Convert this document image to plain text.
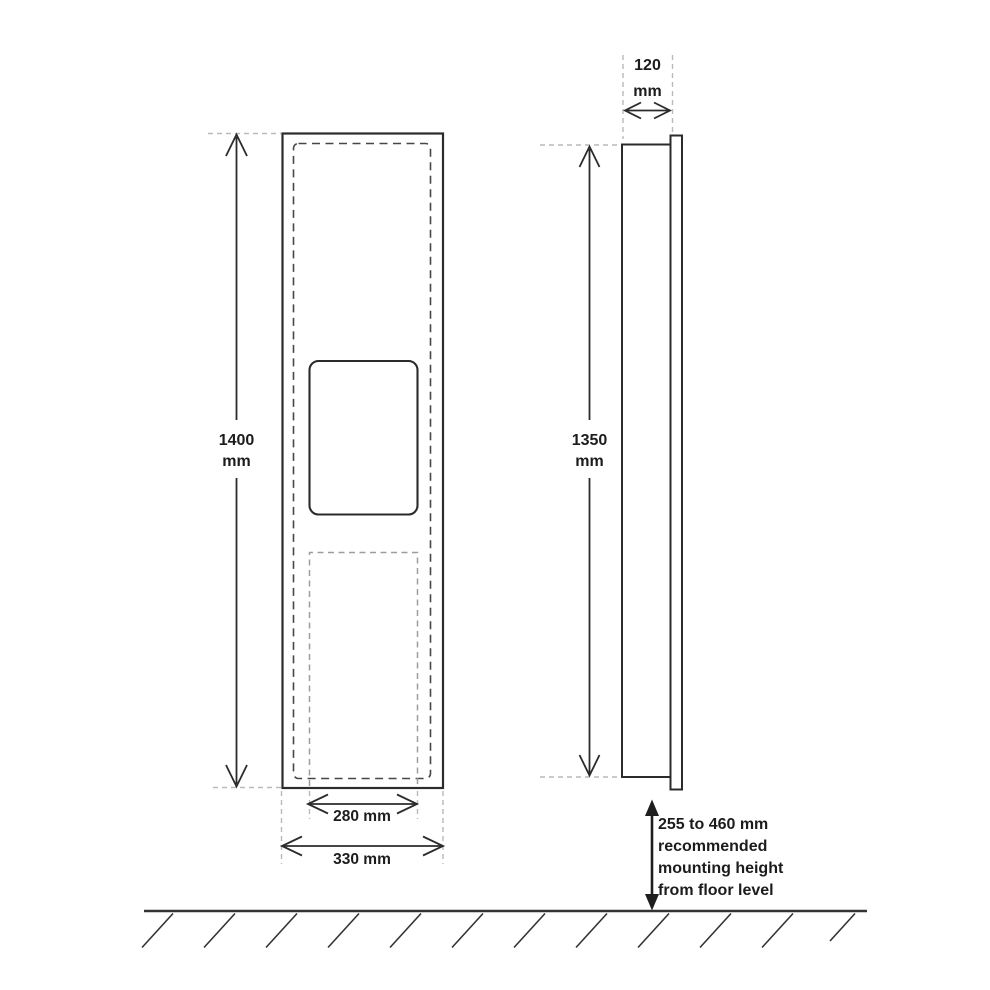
1400
mm
1350
mm
120
mm
280 mm
330 mm
255 to 460 mm
recommended
mounting height
from floor level
